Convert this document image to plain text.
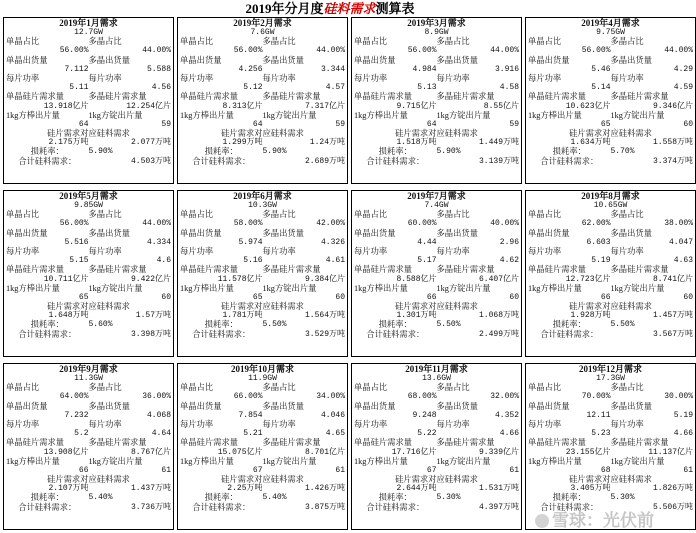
2019年分月度硅料需求测算表
2019年1月需求
12.7GW
单晶占比	多晶占比
56.00%	44.00%
单晶出货量	多晶出货量
7.112	5.588
每片功率	每片功率
5.11	4.56
单晶硅片需求量	多晶硅片需求量
13.918亿片	12.254亿片
1kg方棒出片量	1kg方锭出片量
64	59
硅片需求对应硅料需求
2.175万吨	2.077万吨
损耗率：	5.90%
合计硅料需求：	4.503万吨
2019年2月需求
7.6GW
单晶占比	多晶占比
56.00%	44.00%
单晶出货量	多晶出货量
4.256	3.344
每片功率	每片功率
5.12	4.57
单晶硅片需求量	多晶硅片需求量
8.313亿片	7.317亿片
1kg方棒出片量	1kg方锭出片量
64	59
硅片需求对应硅料需求
1.299万吨	1.24万吨
损耗率：	5.90%
合计硅料需求：	2.689万吨
2019年3月需求
8.9GW
单晶占比	多晶占比
56.00%	44.00%
单晶出货量	多晶出货量
4.984	3.916
每片功率	每片功率
5.13	4.58
单晶硅片需求量	多晶硅片需求量
9.715亿片	8.55亿片
1kg方棒出片量	1kg方锭出片量
64	59
硅片需求对应硅料需求
1.518万吨	1.449万吨
损耗率：	5.90%
合计硅料需求：	3.139万吨
2019年4月需求
9.75GW
单晶占比	多晶占比
56.00%	44.00%
单晶出货量	多晶出货量
5.46	4.29
每片功率	每片功率
5.14	4.59
单晶硅片需求量	多晶硅片需求量
10.623亿片	9.346亿片
1kg方棒出片量	1kg方锭出片量
65	60
硅片需求对应硅料需求
1.634万吨	1.558万吨
损耗率：	5.70%
合计硅料需求：	3.374万吨
2019年5月需求
9.85GW
单晶占比	多晶占比
56.00%	44.00%
单晶出货量	多晶出货量
5.516	4.334
每片功率	每片功率
5.15	4.6
单晶硅片需求量	多晶硅片需求量
10.711亿片	9.422亿片
1kg方棒出片量	1kg方锭出片量
65	60
硅片需求对应硅料需求
1.648万吨	1.57万吨
损耗率：	5.60%
合计硅料需求：	3.398万吨
2019年6月需求
10.3GW
单晶占比	多晶占比
58.00%	42.00%
单晶出货量	多晶出货量
5.974	4.326
每片功率	每片功率
5.16	4.61
单晶硅片需求量	多晶硅片需求量
11.578亿片	9.384亿片
1kg方棒出片量	1kg方锭出片量
65	60
硅片需求对应硅料需求
1.781万吨	1.564万吨
损耗率：	5.50%
合计硅料需求：	3.529万吨
2019年7月需求
7.4GW
单晶占比	多晶占比
60.00%	40.00%
单晶出货量	多晶出货量
4.44	2.96
每片功率	每片功率
5.17	4.62
单晶硅片需求量	多晶硅片需求量
8.588亿片	6.407亿片
1kg方棒出片量	1kg方锭出片量
66	60
硅片需求对应硅料需求
1.301万吨	1.068万吨
损耗率：	5.50%
合计硅料需求：	2.499万吨
2019年8月需求
10.65GW
单晶占比	多晶占比
62.00%	38.00%
单晶出货量	多晶出货量
6.603	4.047
每片功率	每片功率
5.19	4.63
单晶硅片需求量	多晶硅片需求量
12.723亿片	8.741亿片
1kg方棒出片量	1kg方锭出片量
66	60
硅片需求对应硅料需求
1.928万吨	1.457万吨
损耗率：	5.50%
合计硅料需求：	3.567万吨
2019年9月需求
11.3GW
单晶占比	多晶占比
64.00%	36.00%
单晶出货量	多晶出货量
7.232	4.068
每片功率	每片功率
5.2	4.64
单晶硅片需求量	多晶硅片需求量
13.908亿片	8.767亿片
1kg方棒出片量	1kg方锭出片量
66	61
硅片需求对应硅料需求
2.107万吨	1.437万吨
损耗率：	5.40%
合计硅料需求：	3.736万吨
2019年10月需求
11.9GW
单晶占比	多晶占比
66.00%	34.00%
单晶出货量	多晶出货量
7.854	4.046
每片功率	每片功率
5.21	4.65
单晶硅片需求量	多晶硅片需求量
15.075亿片	8.701亿片
1kg方棒出片量	1kg方锭出片量
67	61
硅片需求对应硅料需求
2.25万吨	1.426万吨
损耗率：	5.40%
合计硅料需求：	3.875万吨
2019年11月需求
13.6GW
单晶占比	多晶占比
68.00%	32.00%
单晶出货量	多晶出货量
9.248	4.352
每片功率	每片功率
5.22	4.66
单晶硅片需求量	多晶硅片需求量
17.716亿片	9.339亿片
1kg方棒出片量	1kg方锭出片量
67	61
硅片需求对应硅料需求
2.644万吨	1.531万吨
损耗率：	5.30%
合计硅料需求：	4.397万吨
2019年12月需求
17.3GW
单晶占比	多晶占比
70.00%	30.00%
单晶出货量	多晶出货量
12.11	5.19
每片功率	每片功率
5.23	4.66
单晶硅片需求量	多晶硅片需求量
23.155亿片	11.137亿片
1kg方棒出片量	1kg方锭出片量
68	61
硅片需求对应硅料需求
3.405万吨	1.826万吨
损耗率：	5.30%
合计硅料需求：	5.506万吨
雪球：光伏前
